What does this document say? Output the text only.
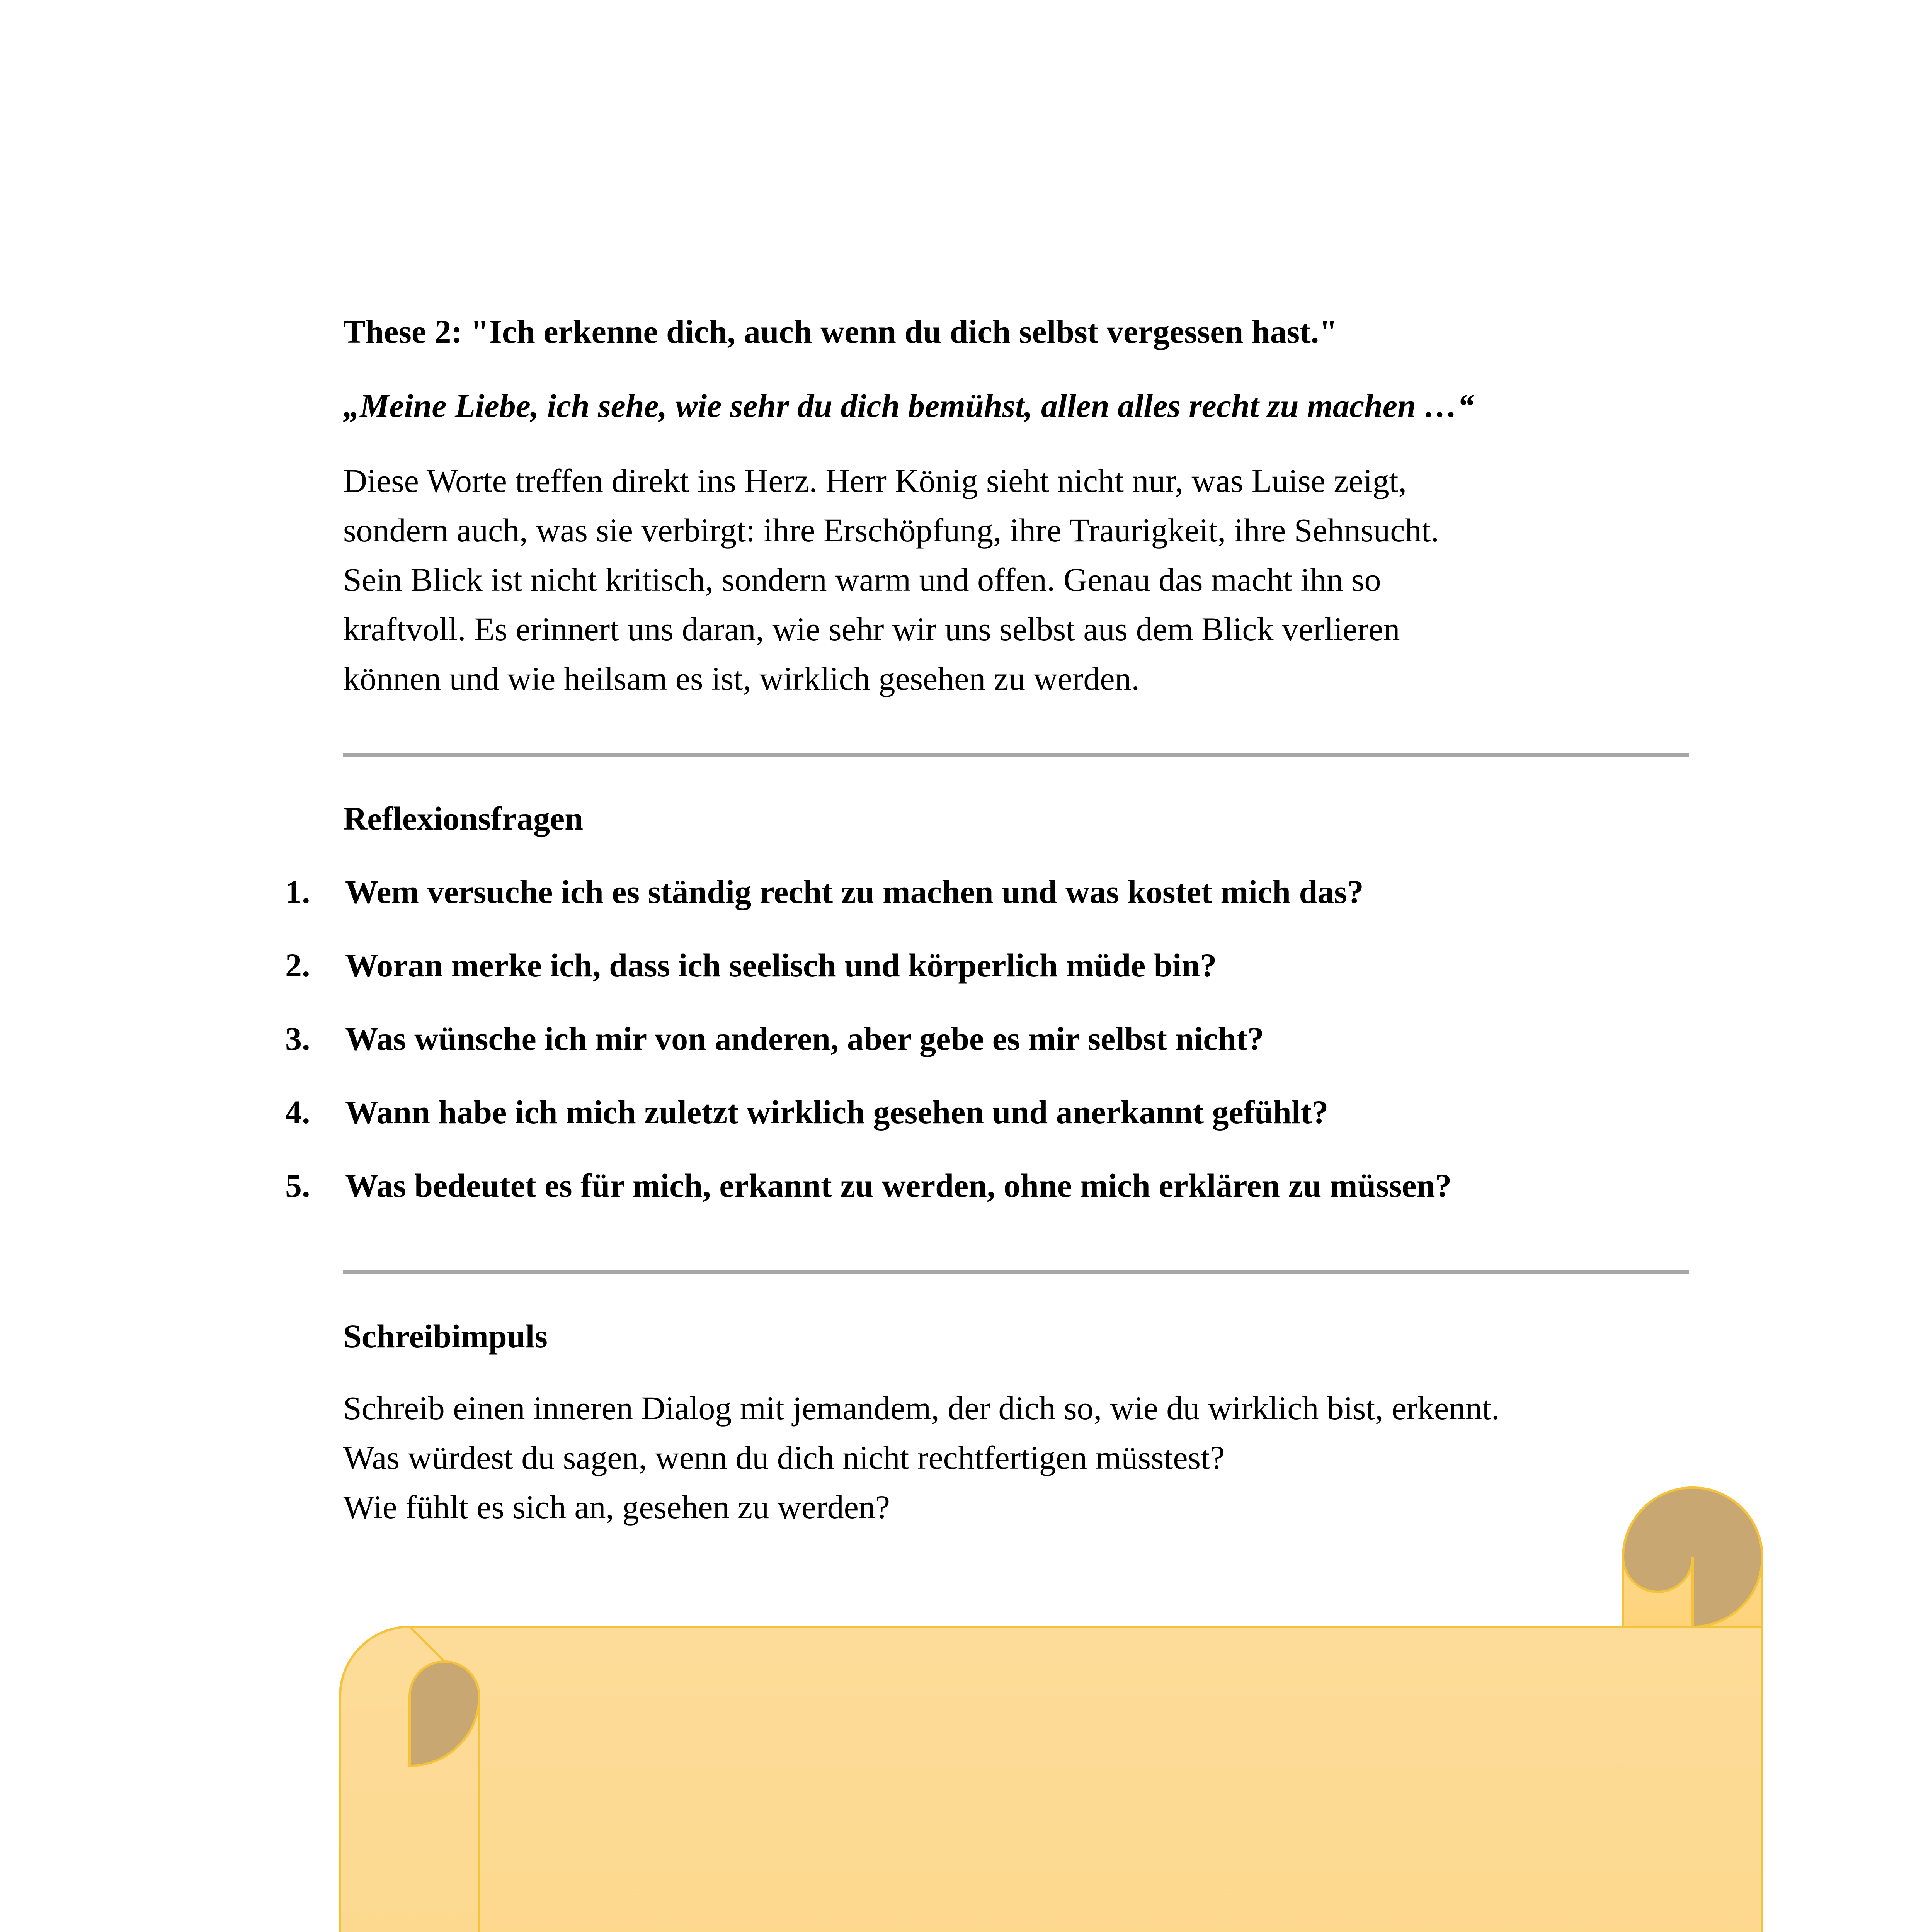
These 2: "Ich erkenne dich, auch wenn du dich selbst vergessen hast."
„Meine Liebe, ich sehe, wie sehr du dich bemühst, allen alles recht zu machen …“
Diese Worte treffen direkt ins Herz. Herr König sieht nicht nur, was Luise zeigt,
sondern auch, was sie verbirgt: ihre Erschöpfung, ihre Traurigkeit, ihre Sehnsucht.
Sein Blick ist nicht kritisch, sondern warm und offen. Genau das macht ihn so
kraftvoll. Es erinnert uns daran, wie sehr wir uns selbst aus dem Blick verlieren
können und wie heilsam es ist, wirklich gesehen zu werden.
Reflexionsfragen
1.	Wem versuche ich es ständig recht zu machen und was kostet mich das?
2.	Woran merke ich, dass ich seelisch und körperlich müde bin?
3.	Was wünsche ich mir von anderen, aber gebe es mir selbst nicht?
4.	Wann habe ich mich zuletzt wirklich gesehen und anerkannt gefühlt?
5.	Was bedeutet es für mich, erkannt zu werden, ohne mich erklären zu müssen?
Schreibimpuls
Schreib einen inneren Dialog mit jemandem, der dich so, wie du wirklich bist, erkennt.
Was würdest du sagen, wenn du dich nicht rechtfertigen müsstest?
Wie fühlt es sich an, gesehen zu werden?
